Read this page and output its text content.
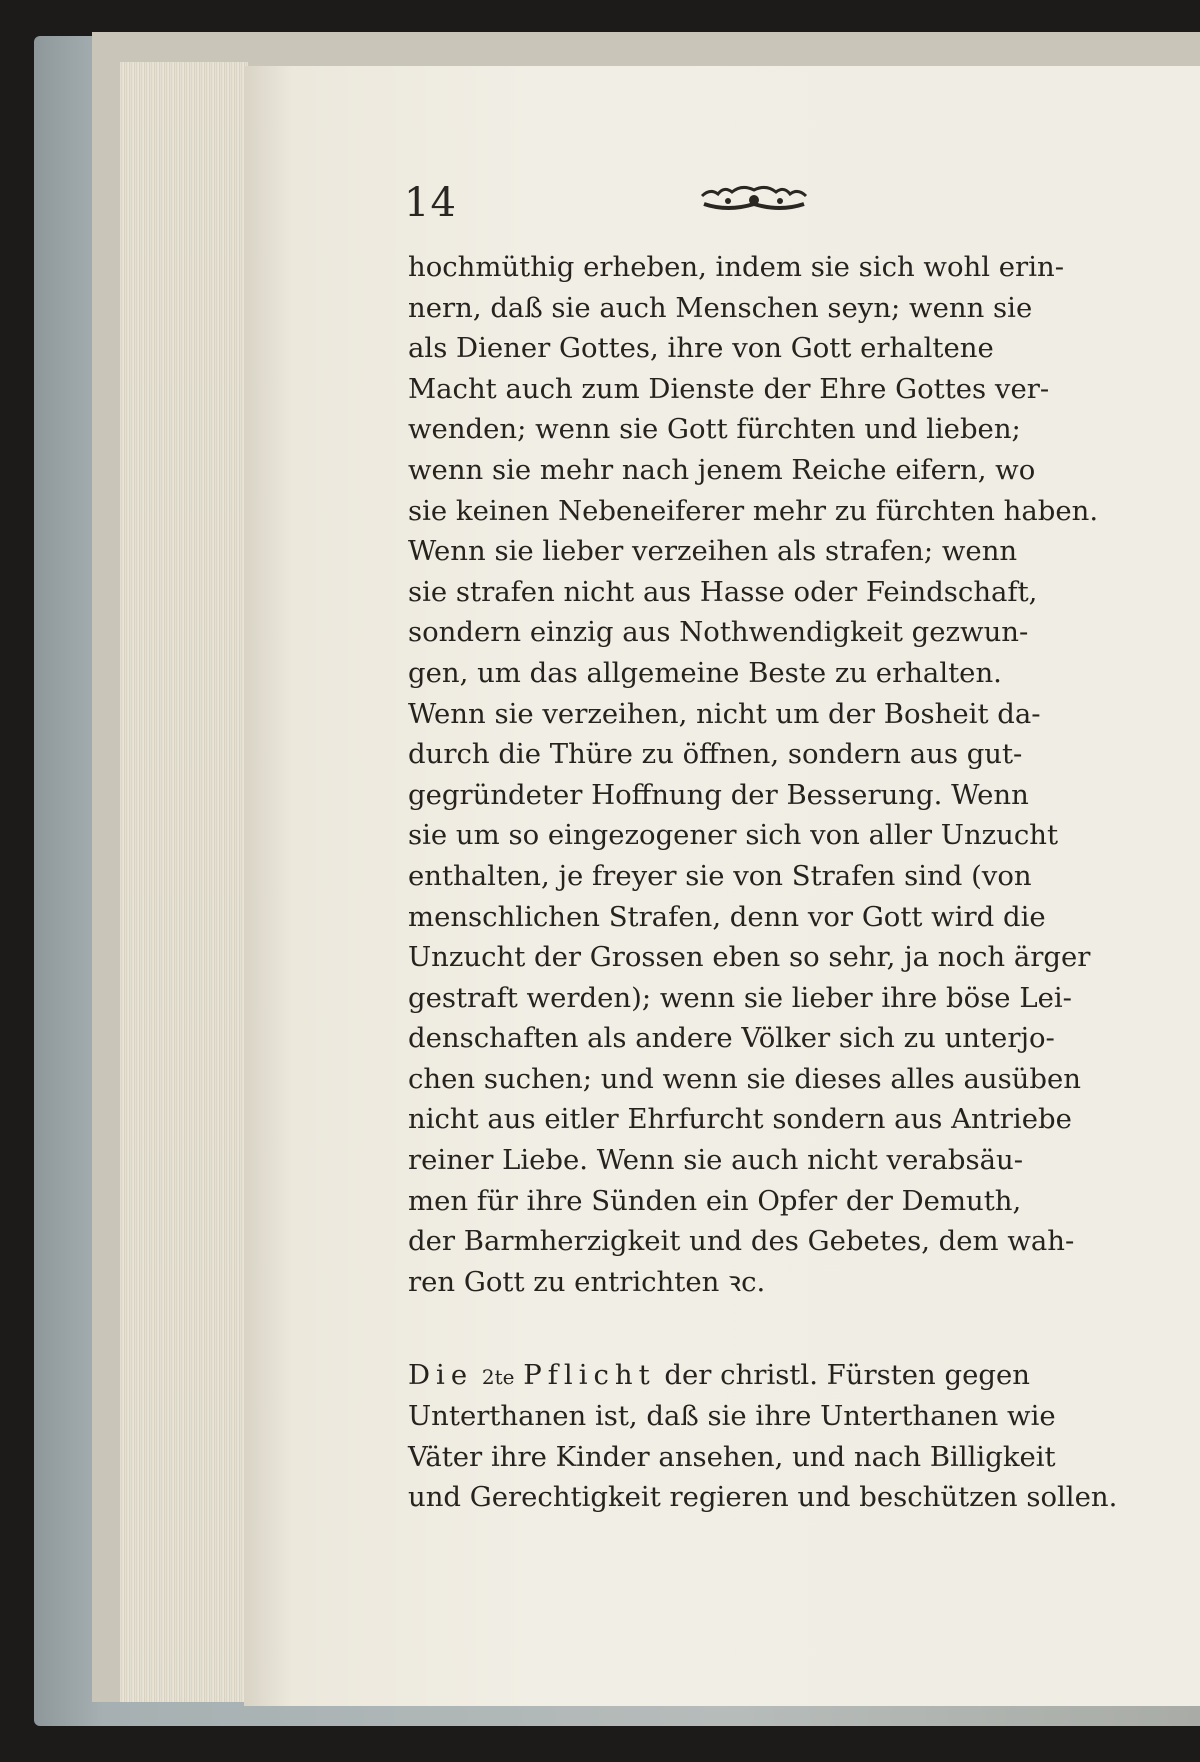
14
hochmüthig erheben, indem sie sich wohl erin-
nern, daß sie auch Menschen seyn; wenn sie
als Diener Gottes, ihre von Gott erhaltene
Macht auch zum Dienste der Ehre Gottes ver-
wenden; wenn sie Gott fürchten und lieben;
wenn sie mehr nach jenem Reiche eifern, wo
sie keinen Nebeneiferer mehr zu fürchten haben.
Wenn sie lieber verzeihen als strafen; wenn
sie strafen nicht aus Hasse oder Feindschaft,
sondern einzig aus Nothwendigkeit gezwun-
gen, um das allgemeine Beste zu erhalten.
Wenn sie verzeihen, nicht um der Bosheit da-
durch die Thüre zu öffnen, sondern aus gut-
gegründeter Hoffnung der Besserung. Wenn
sie um so eingezogener sich von aller Unzucht
enthalten, je freyer sie von Strafen sind (von
menschlichen Strafen, denn vor Gott wird die
Unzucht der Grossen eben so sehr, ja noch ärger
gestraft werden); wenn sie lieber ihre böse Lei-
denschaften als andere Völker sich zu unterjo-
chen suchen; und wenn sie dieses alles ausüben
nicht aus eitler Ehrfurcht sondern aus Antriebe
reiner Liebe. Wenn sie auch nicht verabsäu-
men für ihre Sünden ein Opfer der Demuth,
der Barmherzigkeit und des Gebetes, dem wah-
ren Gott zu entrichten ꝛc.
Die 2te Pflicht der christl. Fürsten gegen
Unterthanen ist, daß sie ihre Unterthanen wie
Väter ihre Kinder ansehen, und nach Billigkeit
und Gerechtigkeit regieren und beschützen sollen.
